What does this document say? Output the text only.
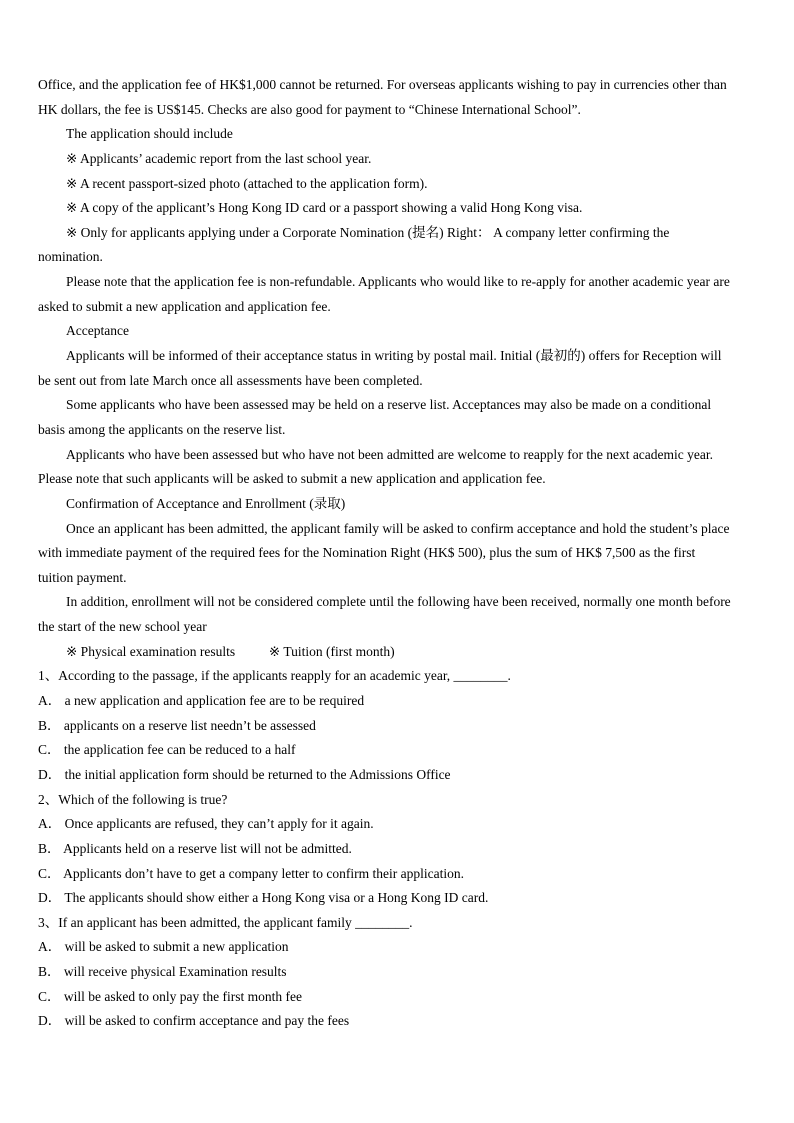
Office, and the application fee of HK$1,000 cannot be returned. For overseas applicants wishing to pay in currencies other than

HK dollars, the fee is US$145. Checks are also good for payment to “Chinese International School”.

The application should include

※ Applicants’ academic report from the last school year.

※ A recent passport-sized photo (attached to the application form).

※ A copy of the applicant’s Hong Kong ID card or a passport showing a valid Hong Kong visa.

※ Only for applicants applying under a Corporate Nomination (提名) Right： A company letter confirming the

nomination.

Please note that the application fee is non-refundable. Applicants who would like to re-apply for another academic year are

asked to submit a new application and application fee.

Acceptance

Applicants will be informed of their acceptance status in writing by postal mail. Initial (最初的) offers for Reception will

be sent out from late March once all assessments have been completed.

Some applicants who have been assessed may be held on a reserve list. Acceptances may also be made on a conditional

basis among the applicants on the reserve list.

Applicants who have been assessed but who have not been admitted are welcome to reapply for the next academic year.

Please note that such applicants will be asked to submit a new application and application fee.

Confirmation of Acceptance and Enrollment (录取)

Once an applicant has been admitted, the applicant family will be asked to confirm acceptance and hold the student’s place

with immediate payment of the required fees for the Nomination Right (HK$ 500), plus the sum of HK$ 7,500 as the first

tuition payment.

In addition, enrollment will not be considered complete until the following have been received, normally one month before

the start of the new school year

※ Physical examination results          ※ Tuition (first month)

1、According to the passage, if the applicants reapply for an academic year, ________.

A． a new application and application fee are to be required

B． applicants on a reserve list needn’t be assessed

C． the application fee can be reduced to a half

D． the initial application form should be returned to the Admissions Office

2、Which of the following is true?

A． Once applicants are refused, they can’t apply for it again.

B． Applicants held on a reserve list will not be admitted.

C． Applicants don’t have to get a company letter to confirm their application.

D． The applicants should show either a Hong Kong visa or a Hong Kong ID card.

3、If an applicant has been admitted, the applicant family ________.

A． will be asked to submit a new application

B． will receive physical Examination results

C． will be asked to only pay the first month fee

D． will be asked to confirm acceptance and pay the fees
